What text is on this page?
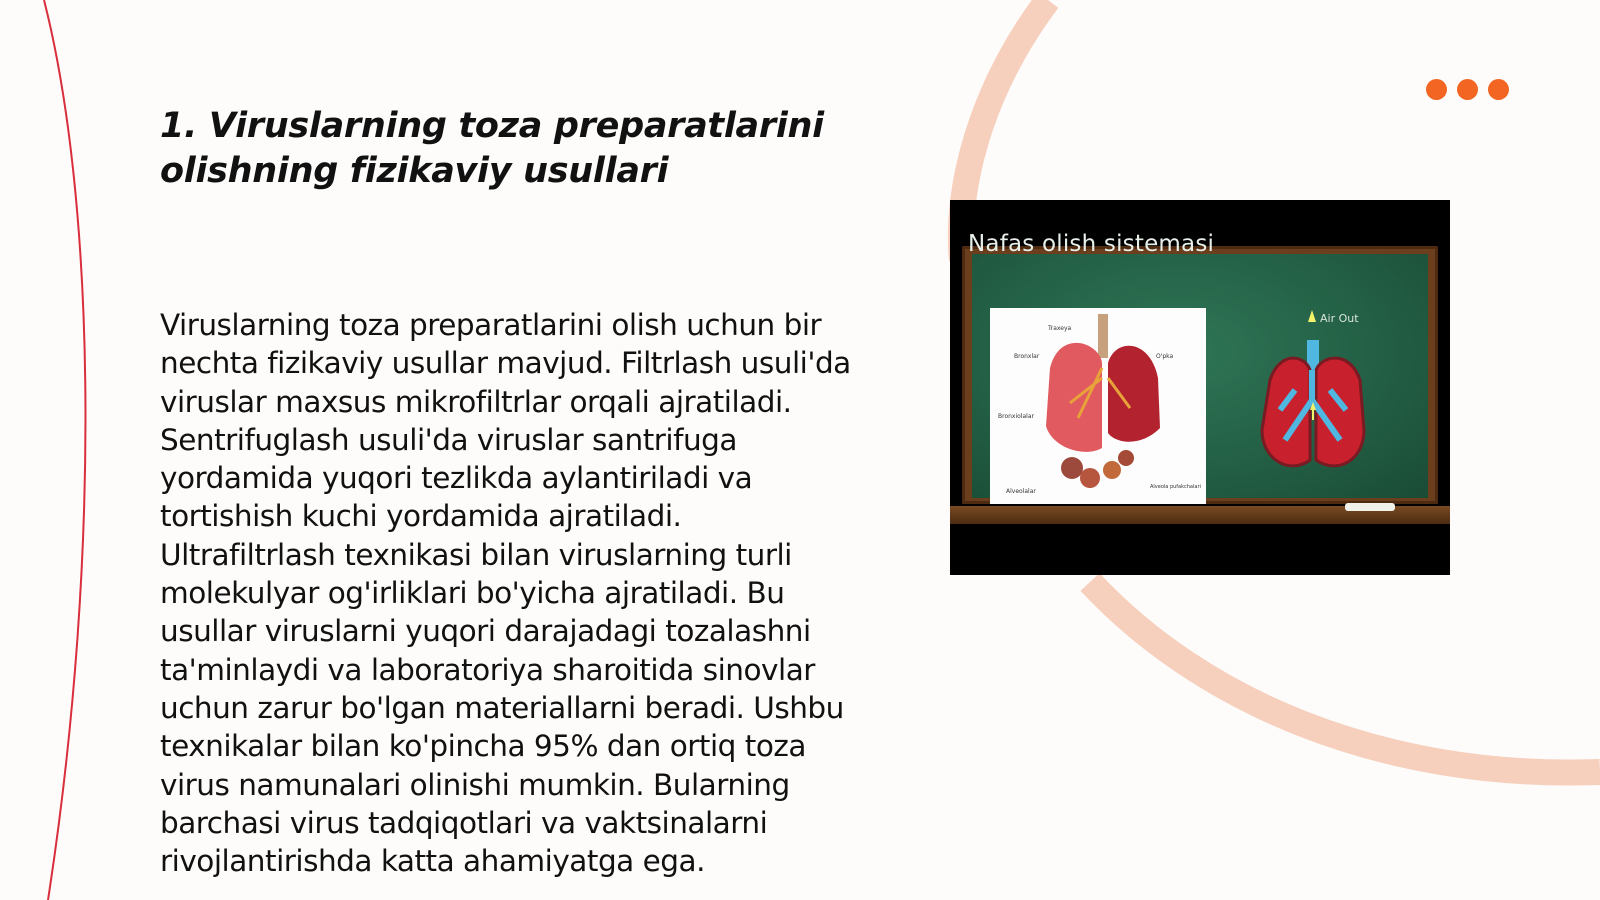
1. Viruslarning toza preparatlarini olishning fizikaviy usullari

Viruslarning toza preparatlarini olish uchun bir nechta fizikaviy usullar mavjud. Filtrlash usuli'da viruslar maxsus mikrofiltrlar orqali ajratiladi. Sentrifuglash usuli'da viruslar santrifuga yordamida yuqori tezlikda aylantiriladi va tortishish kuchi yordamida ajratiladi. Ultrafiltrlash texnikasi bilan viruslarning turli molekulyar og'irliklari bo'yicha ajratiladi. Bu usullar viruslarni yuqori darajadagi tozalashni ta'minlaydi va laboratoriya sharoitida sinovlar uchun zarur bo'lgan materiallarni beradi. Ushbu texnikalar bilan ko'pincha 95% dan ortiq toza virus namunalari olinishi mumkin. Bularning barchasi virus tadqiqotlari va vaktsinalarni rivojlantirishda katta ahamiyatga ega.

Nafas olish sistemasi
Traxeya
Bronxlar	O'pka
Bronxiolalar
Alveolalar
Alveola pufakchalari
Air Out
